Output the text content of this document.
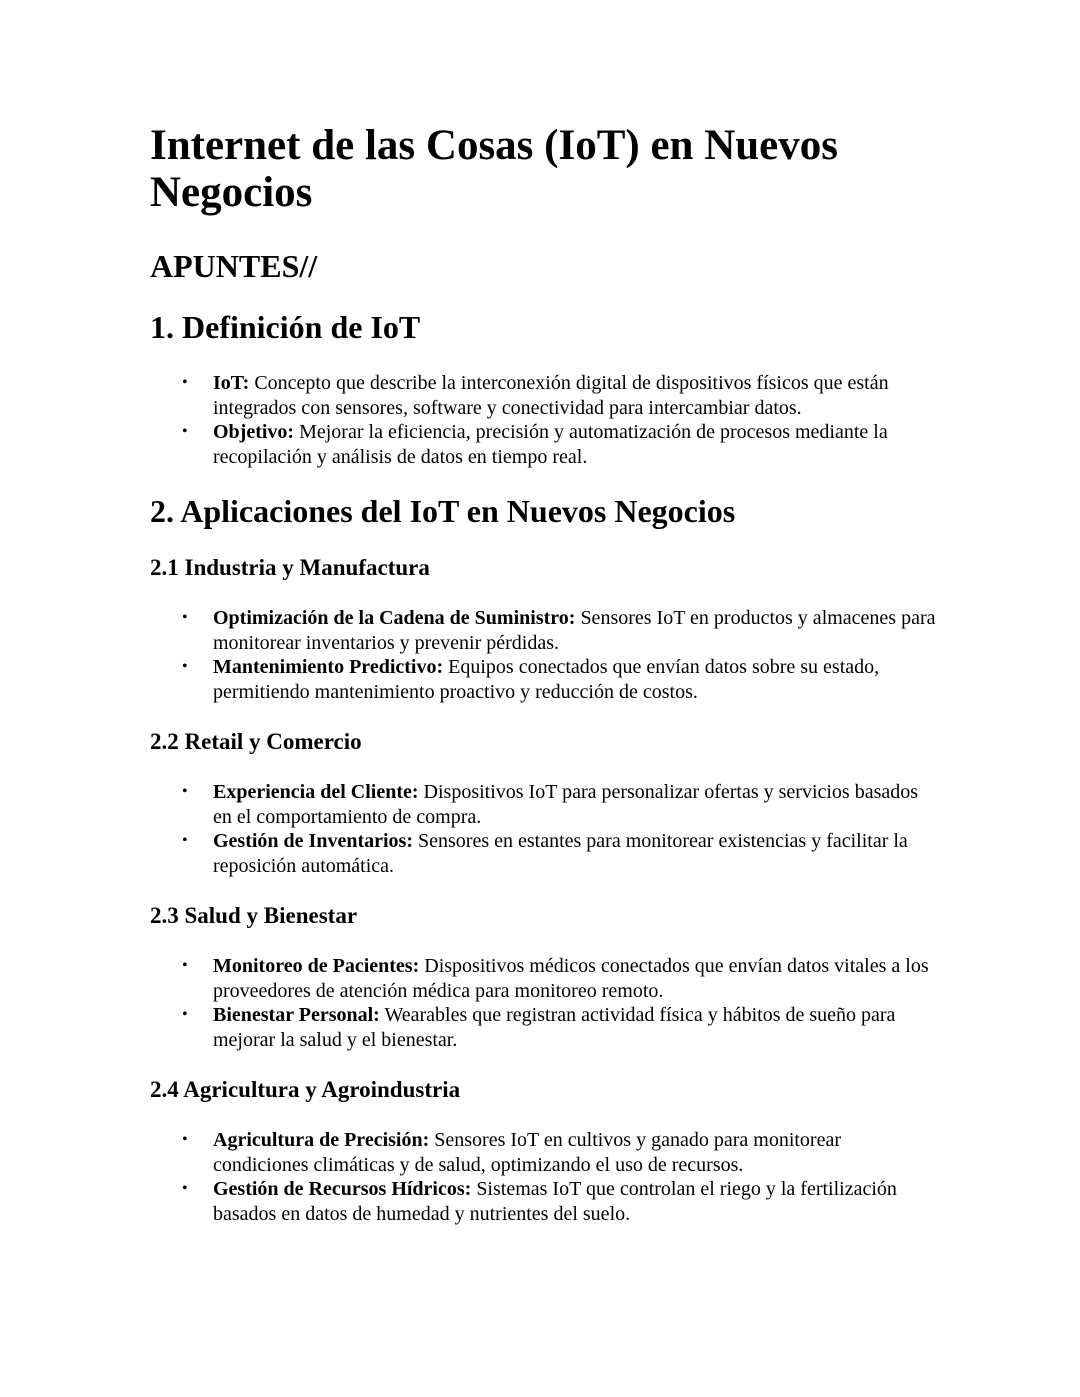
Internet de las Cosas (IoT) en Nuevos Negocios
APUNTES//
1. Definición de IoT
• IoT: Concepto que describe la interconexión digital de dispositivos físicos que están integrados con sensores, software y conectividad para intercambiar datos.
• Objetivo: Mejorar la eficiencia, precisión y automatización de procesos mediante la recopilación y análisis de datos en tiempo real.
2. Aplicaciones del IoT en Nuevos Negocios
2.1 Industria y Manufactura
• Optimización de la Cadena de Suministro: Sensores IoT en productos y almacenes para monitorear inventarios y prevenir pérdidas.
• Mantenimiento Predictivo: Equipos conectados que envían datos sobre su estado, permitiendo mantenimiento proactivo y reducción de costos.
2.2 Retail y Comercio
• Experiencia del Cliente: Dispositivos IoT para personalizar ofertas y servicios basados en el comportamiento de compra.
• Gestión de Inventarios: Sensores en estantes para monitorear existencias y facilitar la reposición automática.
2.3 Salud y Bienestar
• Monitoreo de Pacientes: Dispositivos médicos conectados que envían datos vitales a los proveedores de atención médica para monitoreo remoto.
• Bienestar Personal: Wearables que registran actividad física y hábitos de sueño para mejorar la salud y el bienestar.
2.4 Agricultura y Agroindustria
• Agricultura de Precisión: Sensores IoT en cultivos y ganado para monitorear condiciones climáticas y de salud, optimizando el uso de recursos.
• Gestión de Recursos Hídricos: Sistemas IoT que controlan el riego y la fertilización basados en datos de humedad y nutrientes del suelo.
